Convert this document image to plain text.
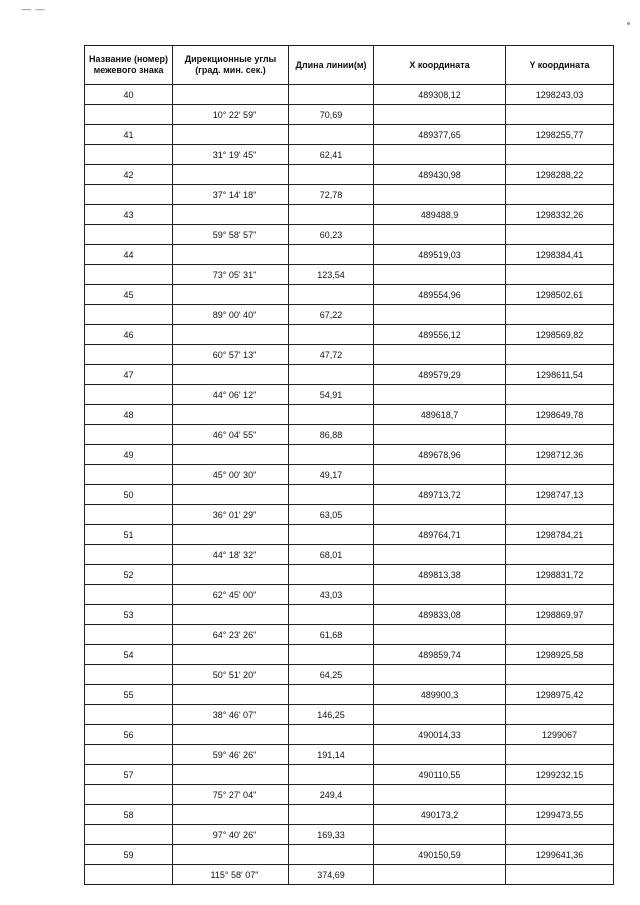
— —
Название (номер) межевого знака	Дирекционные углы (град. мин. сек.)	Длина линии(м)	X координата	Y координата
40			489308,12	1298243,03
	10° 22' 59"	70,69		
41			489377,65	1298255,77
	31° 19' 45"	62,41		
42			489430,98	1298288,22
	37° 14' 18"	72,78		
43			489488,9	1298332,26
	59° 58' 57"	60,23		
44			489519,03	1298384,41
	73° 05' 31"	123,54		
45			489554,96	1298502,61
	89° 00' 40"	67,22		
46			489556,12	1298569,82
	60° 57' 13"	47,72		
47			489579,29	1298611,54
	44° 06' 12"	54,91		
48			489618,7	1298649,78
	46° 04' 55"	86,88		
49			489678,96	1298712,36
	45° 00' 30"	49,17		
50			489713,72	1298747,13
	36° 01' 29"	63,05		
51			489764,71	1298784,21
	44° 18' 32"	68,01		
52			489813,38	1298831,72
	62° 45' 00"	43,03		
53			489833,08	1298869,97
	64° 23' 26"	61,68		
54			489859,74	1298925,58
	50° 51' 20"	64,25		
55			489900,3	1298975,42
	38° 46' 07"	146,25		
56			490014,33	1299067
	59° 46' 26"	191,14		
57			490110,55	1299232,15
	75° 27' 04"	249,4		
58			490173,2	1299473,55
	97° 40' 26"	169,33		
59			490150,59	1299641,36
	115° 58' 07"	374,69		
